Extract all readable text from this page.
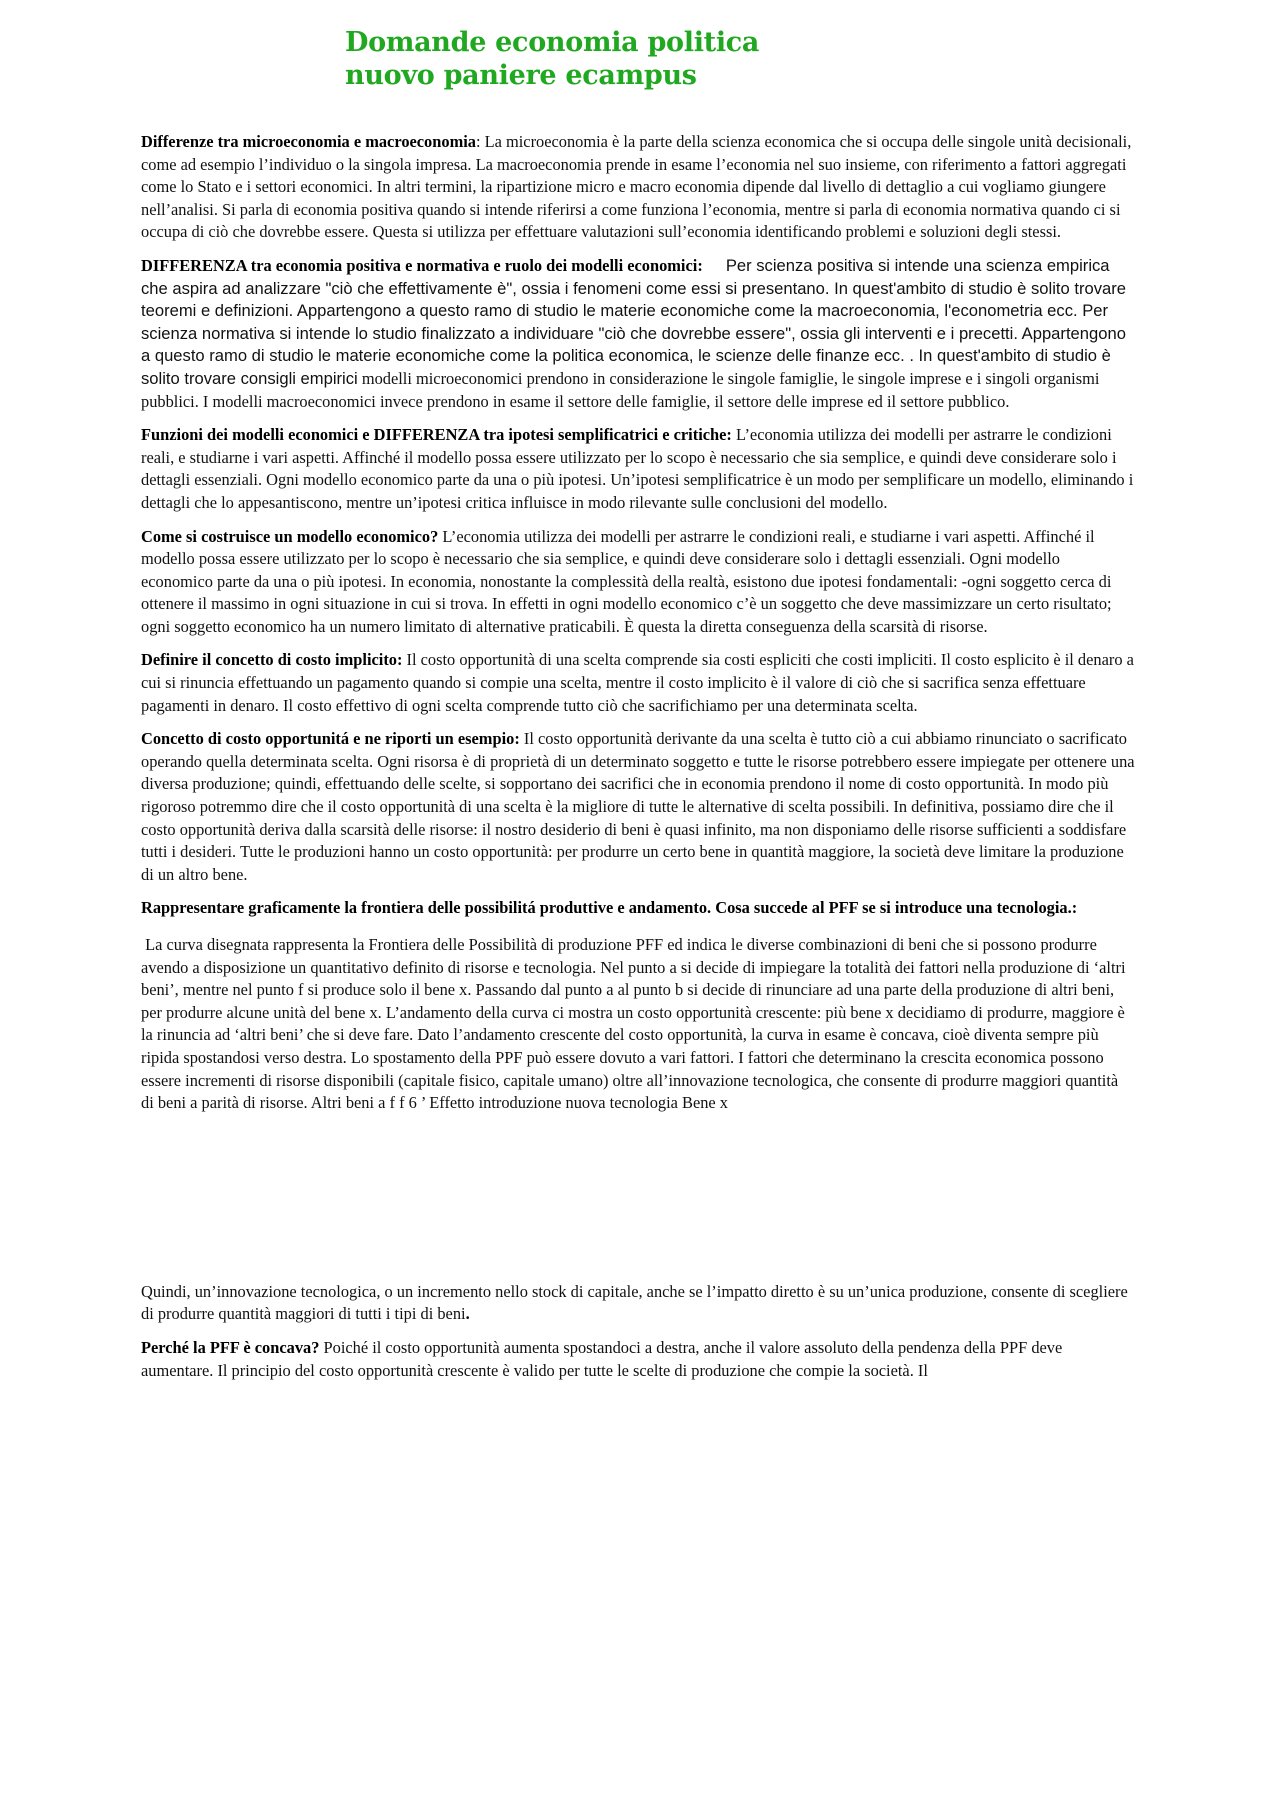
Domande economia politica
nuovo paniere ecampus

Differenze tra microeconomia e macroeconomia: La microeconomia è la parte della scienza economica che si occupa delle singole unità decisionali, come ad esempio l’individuo o la singola impresa. La macroeconomia prende in esame l’economia nel suo insieme, con riferimento a fattori aggregati come lo Stato e i settori economici. In altri termini, la ripartizione micro e macro economia dipende dal livello di dettaglio a cui vogliamo giungere nell’analisi. Si parla di economia positiva quando si intende riferirsi a come funziona l’economia, mentre si parla di economia normativa quando ci si occupa di ciò che dovrebbe essere. Questa si utilizza per effettuare valutazioni sull’economia identificando problemi e soluzioni degli stessi.

DIFFERENZA tra economia positiva e normativa e ruolo dei modelli economici:     Per scienza positiva si intende una scienza empirica che aspira ad analizzare "ciò che effettivamente è", ossia i fenomeni come essi si presentano. In quest'ambito di studio è solito trovare teoremi e definizioni. Appartengono a questo ramo di studio le materie economiche come la macroeconomia, l'econometria ecc. Per scienza normativa si intende lo studio finalizzato a individuare "ciò che dovrebbe essere", ossia gli interventi e i precetti. Appartengono a questo ramo di studio le materie economiche come la politica economica, le scienze delle finanze ecc. . In quest'ambito di studio è solito trovare consigli empirici modelli microeconomici prendono in considerazione le singole famiglie, le singole imprese e i singoli organismi pubblici. I modelli macroeconomici invece prendono in esame il settore delle famiglie, il settore delle imprese ed il settore pubblico.

Funzioni dei modelli economici e DIFFERENZA tra ipotesi semplificatrici e critiche: L’economia utilizza dei modelli per astrarre le condizioni reali, e studiarne i vari aspetti. Affinché il modello possa essere utilizzato per lo scopo è necessario che sia semplice, e quindi deve considerare solo i dettagli essenziali. Ogni modello economico parte da una o più ipotesi. Un’ipotesi semplificatrice è un modo per semplificare un modello, eliminando i dettagli che lo appesantiscono, mentre un’ipotesi critica influisce in modo rilevante sulle conclusioni del modello.

Come si costruisce un modello economico? L’economia utilizza dei modelli per astrarre le condizioni reali, e studiarne i vari aspetti. Affinché il modello possa essere utilizzato per lo scopo è necessario che sia semplice, e quindi deve considerare solo i dettagli essenziali. Ogni modello economico parte da una o più ipotesi. In economia, nonostante la complessità della realtà, esistono due ipotesi fondamentali: -ogni soggetto cerca di ottenere il massimo in ogni situazione in cui si trova. In effetti in ogni modello economico c’è un soggetto che deve massimizzare un certo risultato; ogni soggetto economico ha un numero limitato di alternative praticabili. È questa la diretta conseguenza della scarsità di risorse.

Definire il concetto di costo implicito: Il costo opportunità di una scelta comprende sia costi espliciti che costi impliciti. Il costo esplicito è il denaro a cui si rinuncia effettuando un pagamento quando si compie una scelta, mentre il costo implicito è il valore di ciò che si sacrifica senza effettuare pagamenti in denaro. Il costo effettivo di ogni scelta comprende tutto ciò che sacrifichiamo per una determinata scelta.

Concetto di costo opportunitá e ne riporti un esempio: Il costo opportunità derivante da una scelta è tutto ciò a cui abbiamo rinunciato o sacrificato operando quella determinata scelta. Ogni risorsa è di proprietà di un determinato soggetto e tutte le risorse potrebbero essere impiegate per ottenere una diversa produzione; quindi, effettuando delle scelte, si sopportano dei sacrifici che in economia prendono il nome di costo opportunità. In modo più rigoroso potremmo dire che il costo opportunità di una scelta è la migliore di tutte le alternative di scelta possibili. In definitiva, possiamo dire che il costo opportunità deriva dalla scarsità delle risorse: il nostro desiderio di beni è quasi infinito, ma non disponiamo delle risorse sufficienti a soddisfare tutti i desideri. Tutte le produzioni hanno un costo opportunità: per produrre un certo bene in quantità maggiore, la società deve limitare la produzione di un altro bene.

Rappresentare graficamente la frontiera delle possibilitá produttive e andamento. Cosa succede al PFF se si introduce una tecnologia.:

La curva disegnata rappresenta la Frontiera delle Possibilità di produzione PFF ed indica le diverse combinazioni di beni che si possono produrre avendo a disposizione un quantitativo definito di risorse e tecnologia. Nel punto a si decide di impiegare la totalità dei fattori nella produzione di ‘altri beni’, mentre nel punto f si produce solo il bene x. Passando dal punto a al punto b si decide di rinunciare ad una parte della produzione di altri beni, per produrre alcune unità del bene x. L’andamento della curva ci mostra un costo opportunità crescente: più bene x decidiamo di produrre, maggiore è la rinuncia ad ‘altri beni’ che si deve fare. Dato l’andamento crescente del costo opportunità, la curva in esame è concava, cioè diventa sempre più ripida spostandosi verso destra. Lo spostamento della PPF può essere dovuto a vari fattori. I fattori che determinano la crescita economica possono essere incrementi di risorse disponibili (capitale fisico, capitale umano) oltre all’innovazione tecnologica, che consente di produrre maggiori quantità di beni a parità di risorse. Altri beni a f f 6 ’ Effetto introduzione nuova tecnologia Bene x

Quindi, un’innovazione tecnologica, o un incremento nello stock di capitale, anche se l’impatto diretto è su un’unica produzione, consente di scegliere di produrre quantità maggiori di tutti i tipi di beni.

Perché la PFF è concava? Poiché il costo opportunità aumenta spostandoci a destra, anche il valore assoluto della pendenza della PPF deve aumentare. Il principio del costo opportunità crescente è valido per tutte le scelte di produzione che compie la società. Il
